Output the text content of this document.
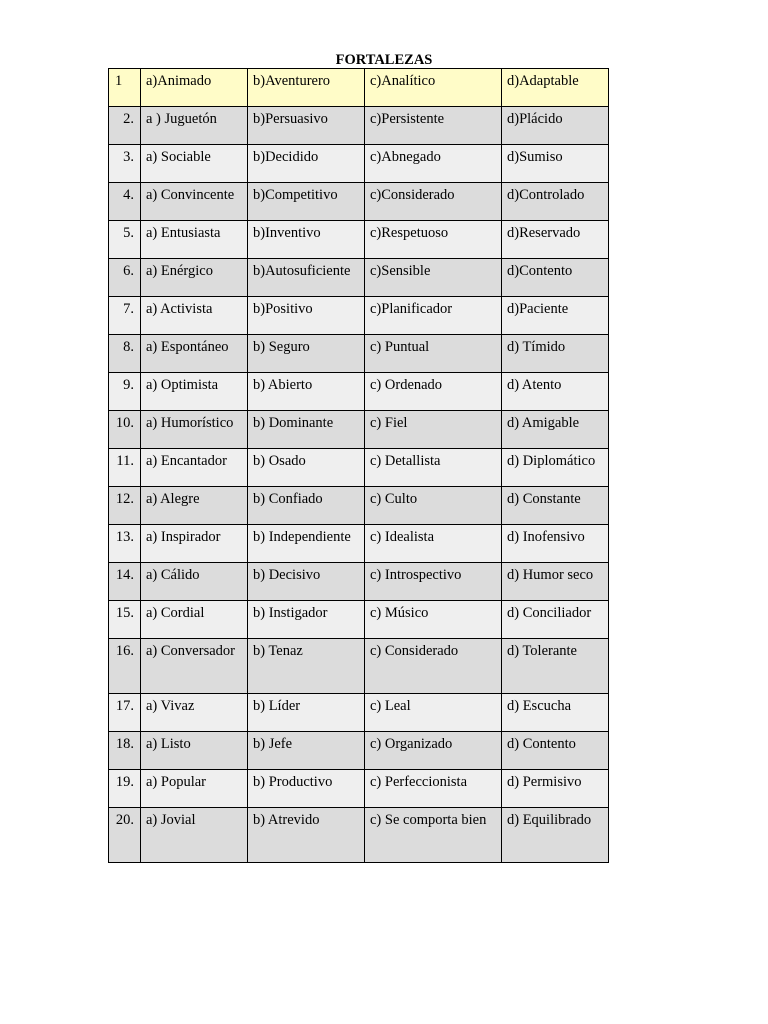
FORTALEZAS
1	a)Animado	b)Aventurero	c)Analítico	d)Adaptable
2.	a ) Juguetón	b)Persuasivo	c)Persistente	d)Plácido
3.	a) Sociable	b)Decidido	c)Abnegado	d)Sumiso
4.	a) Convincente	b)Competitivo	c)Considerado	d)Controlado
5.	a) Entusiasta	b)Inventivo	c)Respetuoso	d)Reservado
6.	a) Enérgico	b)Autosuficiente	c)Sensible	d)Contento
7.	a) Activista	b)Positivo	c)Planificador	d)Paciente
8.	a) Espontáneo	b) Seguro	c) Puntual	d) Tímido
9.	a) Optimista	b) Abierto	c) Ordenado	d) Atento
10.	a) Humorístico	b) Dominante	c) Fiel	d) Amigable
11.	a) Encantador	b) Osado	c) Detallista	d) Diplomático
12.	a) Alegre	b) Confiado	c) Culto	d) Constante
13.	a) Inspirador	b) Independiente	c) Idealista	d) Inofensivo
14.	a) Cálido	b) Decisivo	c) Introspectivo	d) Humor seco
15.	a) Cordial	b) Instigador	c) Músico	d) Conciliador
16.	a) Conversador	b) Tenaz	c) Considerado	d) Tolerante
17.	a) Vivaz	b) Líder	c) Leal	d) Escucha
18.	a) Listo	b) Jefe	c) Organizado	d) Contento
19.	a) Popular	b) Productivo	c) Perfeccionista	d) Permisivo
20.	a) Jovial	b) Atrevido	c) Se comporta bien	d) Equilibrado
